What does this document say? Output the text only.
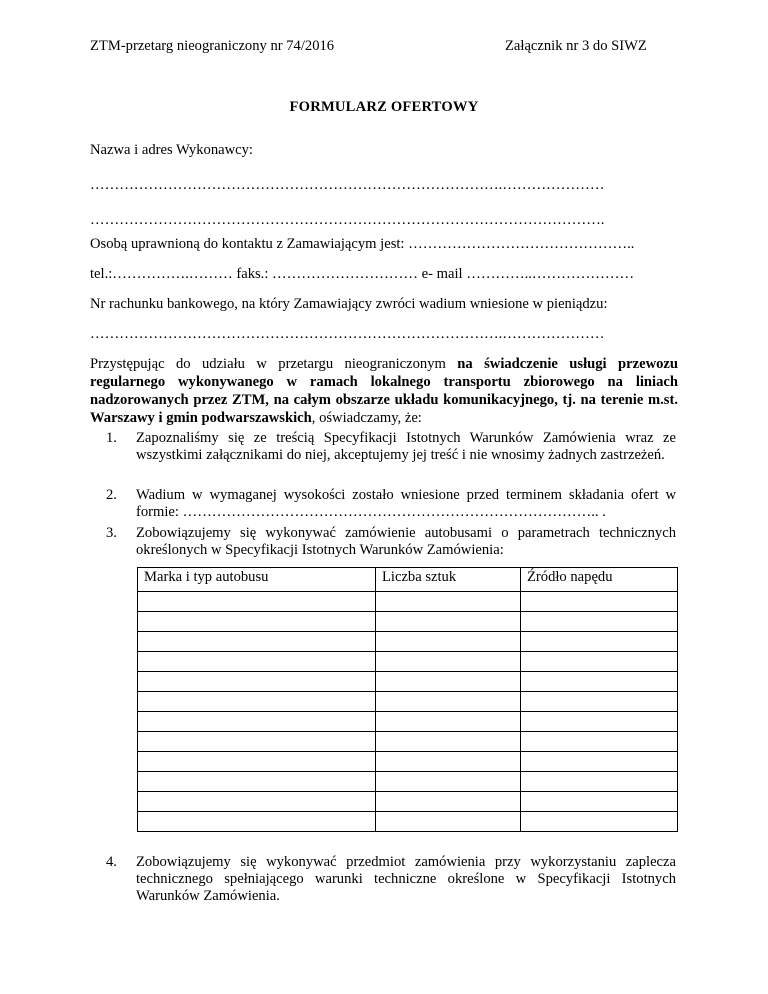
ZTM-przetarg nieograniczony nr 74/2016	Załącznik nr 3 do SIWZ
FORMULARZ OFERTOWY
Nazwa i adres Wykonawcy:
………………………………………………………………………….…………………
…………………………………………………………………………………………….
Osobą uprawnioną do kontaktu z Zamawiającym jest: ………………………………………..
tel.:…………….……… faks.: ………………………… e- mail …………..…………………
Nr rachunku bankowego, na który Zamawiający zwróci wadium wniesione w pieniądzu:
………………………………………………………………………….…………………
Przystępując do udziału w przetargu nieograniczonym na świadczenie usługi przewozu regularnego wykonywanego w ramach lokalnego transportu zbiorowego na liniach nadzorowanych przez ZTM, na całym obszarze układu komunikacyjnego, tj. na terenie m.st. Warszawy i gmin podwarszawskich, oświadczamy, że:
1. Zapoznaliśmy się ze treścią Specyfikacji Istotnych Warunków Zamówienia wraz ze wszystkimi załącznikami do niej, akceptujemy jej treść i nie wnosimy żadnych zastrzeżeń.
2. Wadium w wymaganej wysokości zostało wniesione przed terminem składania ofert w formie: ………………………………………………………………………….. .
3. Zobowiązujemy się wykonywać zamówienie autobusami o parametrach technicznych określonych w Specyfikacji Istotnych Warunków Zamówienia:
Marka i typ autobusu	Liczba sztuk	Źródło napędu

4. Zobowiązujemy się wykonywać przedmiot zamówienia przy wykorzystaniu zaplecza technicznego spełniającego warunki techniczne określone w Specyfikacji Istotnych Warunków Zamówienia.
